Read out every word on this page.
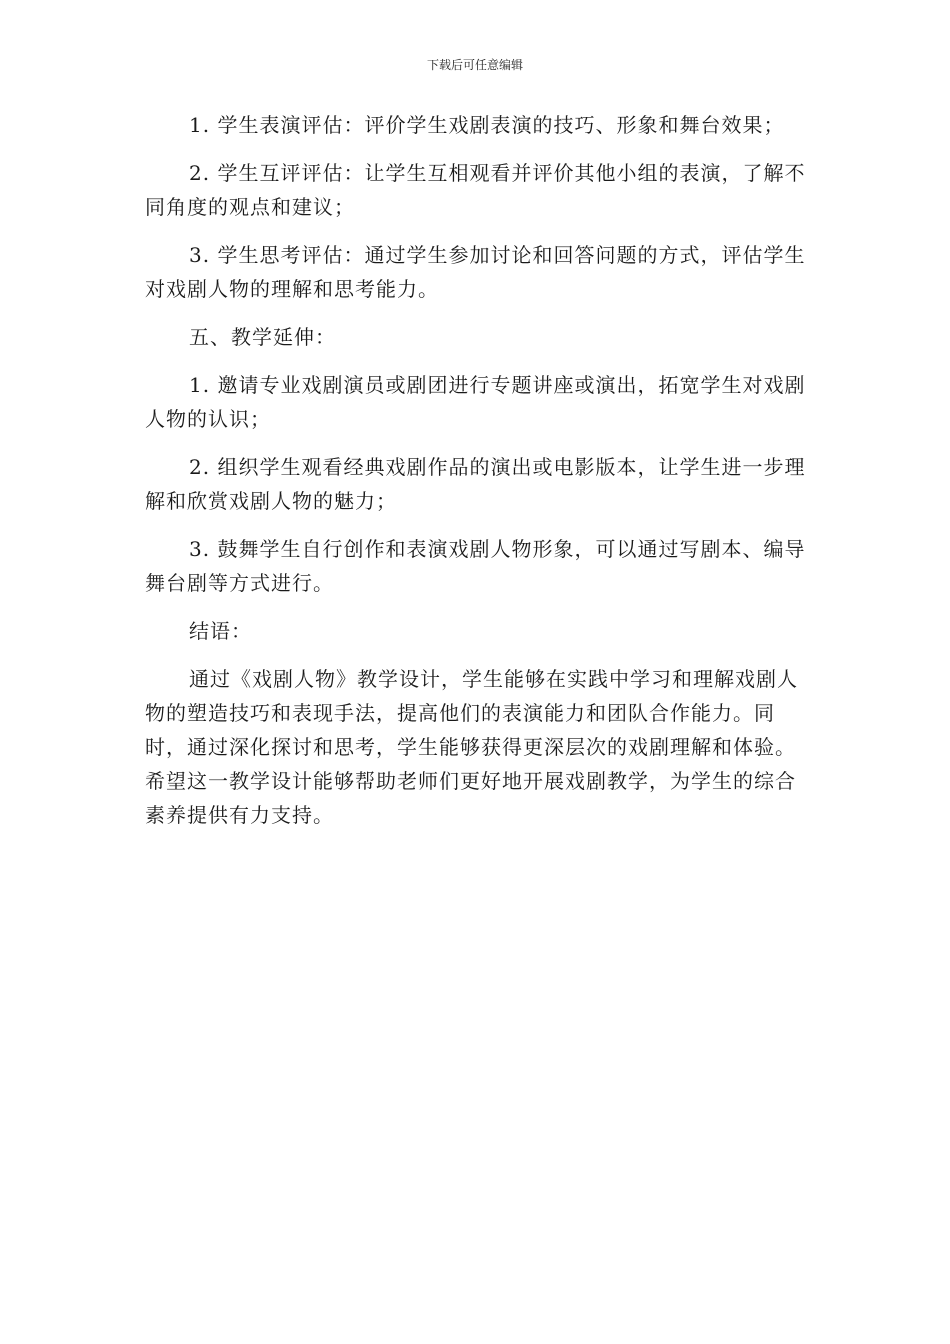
下载后可任意编辑

1. 学生表演评估：评价学生戏剧表演的技巧、形象和舞台效果；

2. 学生互评评估：让学生互相观看并评价其他小组的表演，了解不同角度的观点和建议；

3. 学生思考评估：通过学生参加讨论和回答问题的方式，评估学生对戏剧人物的理解和思考能力。

五、教学延伸：

1. 邀请专业戏剧演员或剧团进行专题讲座或演出，拓宽学生对戏剧人物的认识；

2. 组织学生观看经典戏剧作品的演出或电影版本，让学生进一步理解和欣赏戏剧人物的魅力；

3. 鼓舞学生自行创作和表演戏剧人物形象，可以通过写剧本、编导舞台剧等方式进行。

结语：

通过《戏剧人物》教学设计，学生能够在实践中学习和理解戏剧人物的塑造技巧和表现手法，提高他们的表演能力和团队合作能力。同时，通过深化探讨和思考，学生能够获得更深层次的戏剧理解和体验。希望这一教学设计能够帮助老师们更好地开展戏剧教学，为学生的综合素养提供有力支持。
